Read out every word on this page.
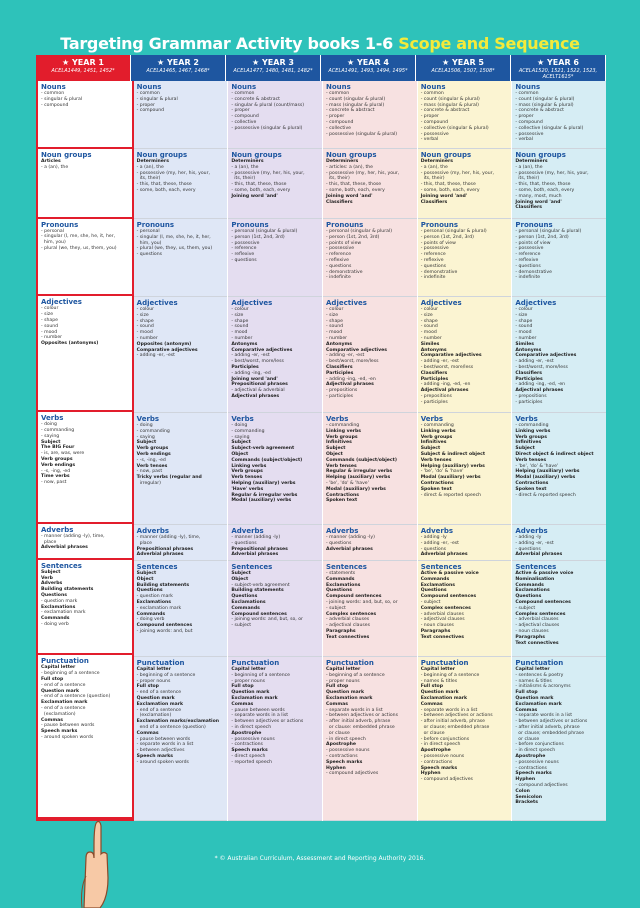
Targeting Grammar Activity books 1-6 Scope and Sequence
★ YEAR 1
ACELA1449, 1451, 1452*
★ YEAR 2
ACELA1465, 1467, 1468*
★ YEAR 3
ACELA1477, 1480, 1481, 1482*
★ YEAR 4
ACELA1491, 1493, 1494, 1495*
★ YEAR 5
ACELA1506, 1507, 1508*
★ YEAR 6
ACELA1520, 1521, 1522, 1523, ACELT1615*
Nouns
- common
- singular & plural
- compound
Noun groups
Articles
- a (an), the
Pronouns
- personal
- singular (I, me, she, he, it, her,
him, you)
- plural (we, they, us, them, you)
Adjectives
- colour
- size
- shape
- sound
- mood
- number
Opposites (antonyms)
Verbs
- doing
- commanding
- saying
Subject
The BIG Four
- is, are, was, were
Verb groups
Verb endings
- -s, -ing, -ed
Time verbs
- now, past
Adverbs
- manner (adding -ly), time,
place
Adverbial phrases
Sentences
Subject
Verb
Adverbs
Building statements
Questions
- question mark
Exclamations
- exclamation mark
Commands
- doing verb
Punctuation
Capital letter
- beginning of a sentence
Full stop
- end of a sentence
Question mark
- end of a sentence (question)
Exclamation mark
- end of a sentence
(exclamation)
Commas
- pause between words
Speech marks
- around spoken words
Nouns
- common
- singular & plural
- proper
- compound
Noun groups
Determiners
- a (an), the
- possessive (my, her, his, your,
its, their)
- this, that, these, those
- some, both, each, every
Pronouns
- personal
- singular (I, me, she, he, it, her,
him, you)
- plural (we, they, us, them, you)
- questions
Adjectives
- colour
- size
- shape
- sound
- mood
- number
Opposites (antonym)
Comparative adjectives
- adding -er, -est
Verbs
- doing
- commanding
- saying
Subject
Verb groups
Verb endings
- -s, -ing, -ed
Verb tenses
- now, past
Tricky verbs (regular and
irregular)
Adverbs
- manner (adding -ly), time,
place
Prepositional phrases
Adverbial phrases
Sentences
Subject
Object
Building statements
Questions
- question mark
Exclamations
- exclamation mark
Commands
- doing verb
Compound sentences
- joining words: and, but
Punctuation
Capital letter
- beginning of a sentence
- proper nouns
Full stop
- end of a sentence
Question mark
Exclamation mark
- end of a sentence
(exclamation)
Exclamation marks/exclamation
end of a sentence (question)
Commas
- pause between words
- separate words in a list
- between adjectives
Speech marks
- around spoken words
Nouns
- common
- concrete & abstract
- singular & plural (count/mass)
- proper
- compound
- collective
- possessive (singular & plural)
Noun groups
Determiners
- a (an), the
- possessive (my, her, his, your,
its, their)
- this, that, these, those
- some, both, each, every
Joining word 'and'
Pronouns
- personal (singular & plural)
- person (1st, 2nd, 3rd)
- possessive
- reference
- reflexive
- questions
Adjectives
- colour
- size
- shape
- sound
- mood
- number
Antonyms
Comparative adjectives
- adding -er, -est
- best/worst, more/less
Participles
- adding -ing, -ed
Joining word 'and'
Prepositional phrases
- adjectival & adverbial
Adjectival phrases
Verbs
- doing
- commanding
- saying
Subject
Subject-verb agreement
Object
Commands (subject/object)
Linking verbs
Verb groups
Verb tenses
Helping (auxiliary) verbs
'Have' verbs
Regular & irregular verbs
Modal (auxiliary) verbs
Adverbs
- manner (adding -ly)
- questions
Prepositional phrases
Adverbial phrases
Sentences
Subject
Object
- subject-verb agreement
Building statements
Questions
Exclamations
Commands
Compound sentences
- joining words: and, but, so, or
- subject
Punctuation
Capital letter
- beginning of a sentence
- proper nouns
Full stop
Question mark
Exclamation mark
Commas
- pause between words
- separate words in a list
- between adjectives or actions
- in direct speech
Apostrophe
- possessive nouns
- contractions
Speech marks
- direct speech
- reported speech
Nouns
- common
- count (singular & plural)
- mass (singular & plural)
- concrete & abstract
- proper
- compound
- collective
- possessive (singular & plural)
Noun groups
Determiners
- articles: a (an), the
- possessive (my, her, his, your,
its, their)
- this, that, these, those
- some, both, each, every
Joining word 'and'
Classifiers
Pronouns
- personal (singular & plural)
- person (1st, 2nd, 3rd)
- points of view
- possessive
- reference
- reflexive
- questions
- demonstrative
- indefinite
Adjectives
- colour
- size
- shape
- sound
- mood
- number
Antonyms
Comparative adjectives
- adding -er, -est
- best/worst, more/less
Classifiers
Participles
- adding -ing, -ed, -en
Adjectival phrases
- prepositions
- participles
Verbs
- commanding
Linking verbs
Verb groups
Infinitives
Subject
Object
Commands (subject/object)
Verb tenses
Regular & irregular verbs
Helping (auxiliary) verbs
- 'be', 'do' & 'have'
Modal (auxiliary) verbs
Contractions
Spoken text
Adverbs
- manner (adding -ly)
- questions
Adverbial phrases
Sentences
- statements
Commands
Exclamations
Questions
Compound sentences
- joining words: and, but, so, or
- subject
Complex sentences
- adverbial clauses
- adjectival clauses
Paragraphs
Text connectives
Punctuation
Capital letter
- beginning of a sentence
- proper nouns
Full stop
Question mark
Exclamation mark
Commas
- separate words in a list
- between adjectives or actions
- after initial adverb, phrase
or clause: embedded phrase
or clause
- in direct speech
Apostrophe
- possessive nouns
- contractions
Speech marks
Hyphen
- compound adjectives
Nouns
- common
- count (singular & plural)
- mass (singular & plural)
- concrete & abstract
- proper
- compound
- collective (singular & plural)
- possessive
- verbal
Noun groups
Determiners
- a (an), the
- possessive (my, her, his, your,
its, their)
- this, that, these, those
- some, both, each, every
Joining word 'and'
Classifiers
Pronouns
- personal (singular & plural)
- person (1st, 2nd, 3rd)
- points of view
- possessive
- reference
- reflexive
- questions
- demonstrative
- indefinite
Adjectives
- colour
- size
- shape
- sound
- mood
- number
Similes
Antonyms
Comparative adjectives
- adding -er, -est
- best/worst, more/less
Classifiers
Participles
- adding -ing, -ed, -en
Adjectival phrases
- prepositions
- participles
Verbs
- commanding
Linking verbs
Verb groups
Infinitives
Subject
Subject & indirect object
Verb tenses
Helping (auxiliary) verbs
- 'be', 'do' & 'have'
Modal (auxiliary) verbs
Contractions
Spoken text
- direct & reported speech
Adverbs
- adding -ly
- adding -er, -est
- questions
Adverbial phrases
Sentences
Active & passive voice
Commands
Exclamations
Questions
Compound sentences
- subject
Complex sentences
- adverbial clauses
- adjectival clauses
- noun clauses
Paragraphs
Text connectives
Punctuation
Capital letter
- beginning of a sentence
- names & titles
Full stop
Question mark
Exclamation mark
Commas
- separate words in a list
- between adjectives or actions
- after initial adverb, phrase
or clause; embedded phrase
or clause
- before conjunctions
- in direct speech
Apostrophe
- possessive nouns
- contractions
Speech marks
Hyphen
- compound adjectives
Nouns
- common
- count (singular & plural)
- mass (singular & plural)
- concrete & abstract
- proper
- compound
- collective (singular & plural)
- possessive
- verbal
Noun groups
Determiners
- a (an), the
- possessive (my, her, his, your,
its, their)
- this, that, these, those
- some, both, each, every
- many, most, much
Joining word 'and'
Classifiers
Pronouns
- personal (singular & plural)
- person (1st, 2nd, 3rd)
- points of view
- possessive
- reference
- reflexive
- questions
- demonstrative
- indefinite
Adjectives
- colour
- size
- shape
- sound
- mood
- number
Similes
Antonyms
Comparative adjectives
- adding -er, -est
- best/worst, more/less
Classifiers
Participles
- adding -ing, -ed, -en
Adjectival phrases
- prepositions
- participles
Verbs
- commanding
Linking verbs
Verb groups
Infinitives
Subject
Direct object & indirect object
Verb tenses
- 'be', 'do' & 'have'
Helping (auxiliary) verbs
Modal (auxiliary) verbs
Contractions
Spoken text
- direct & reported speech
Adverbs
- adding -ly
- adding -er, -est
- questions
Adverbial phrases
Sentences
Active & passive voice
Nominalisation
Commands
Exclamations
Questions
Compound sentences
- subject
Complex sentences
- adverbial clauses
- adjectival clauses
- noun clauses
Paragraphs
Text connectives
Punctuation
Capital letter
- sentences & poetry
- names & titles
- initialisms & acronyms
Full stop
Question mark
Exclamation mark
Commas
- separate words in a list
- between adjectives or actions
- after initial adverb, phrase
or clause; embedded phrase
or clause
- before conjunctions
- in direct speech
Apostrophe
- possessive nouns
- contractions
Speech marks
Hyphen
- compound adjectives
Colon
Semicolon
Brackets
* © Australian Curriculum, Assessment and Reporting Authority 2016.
